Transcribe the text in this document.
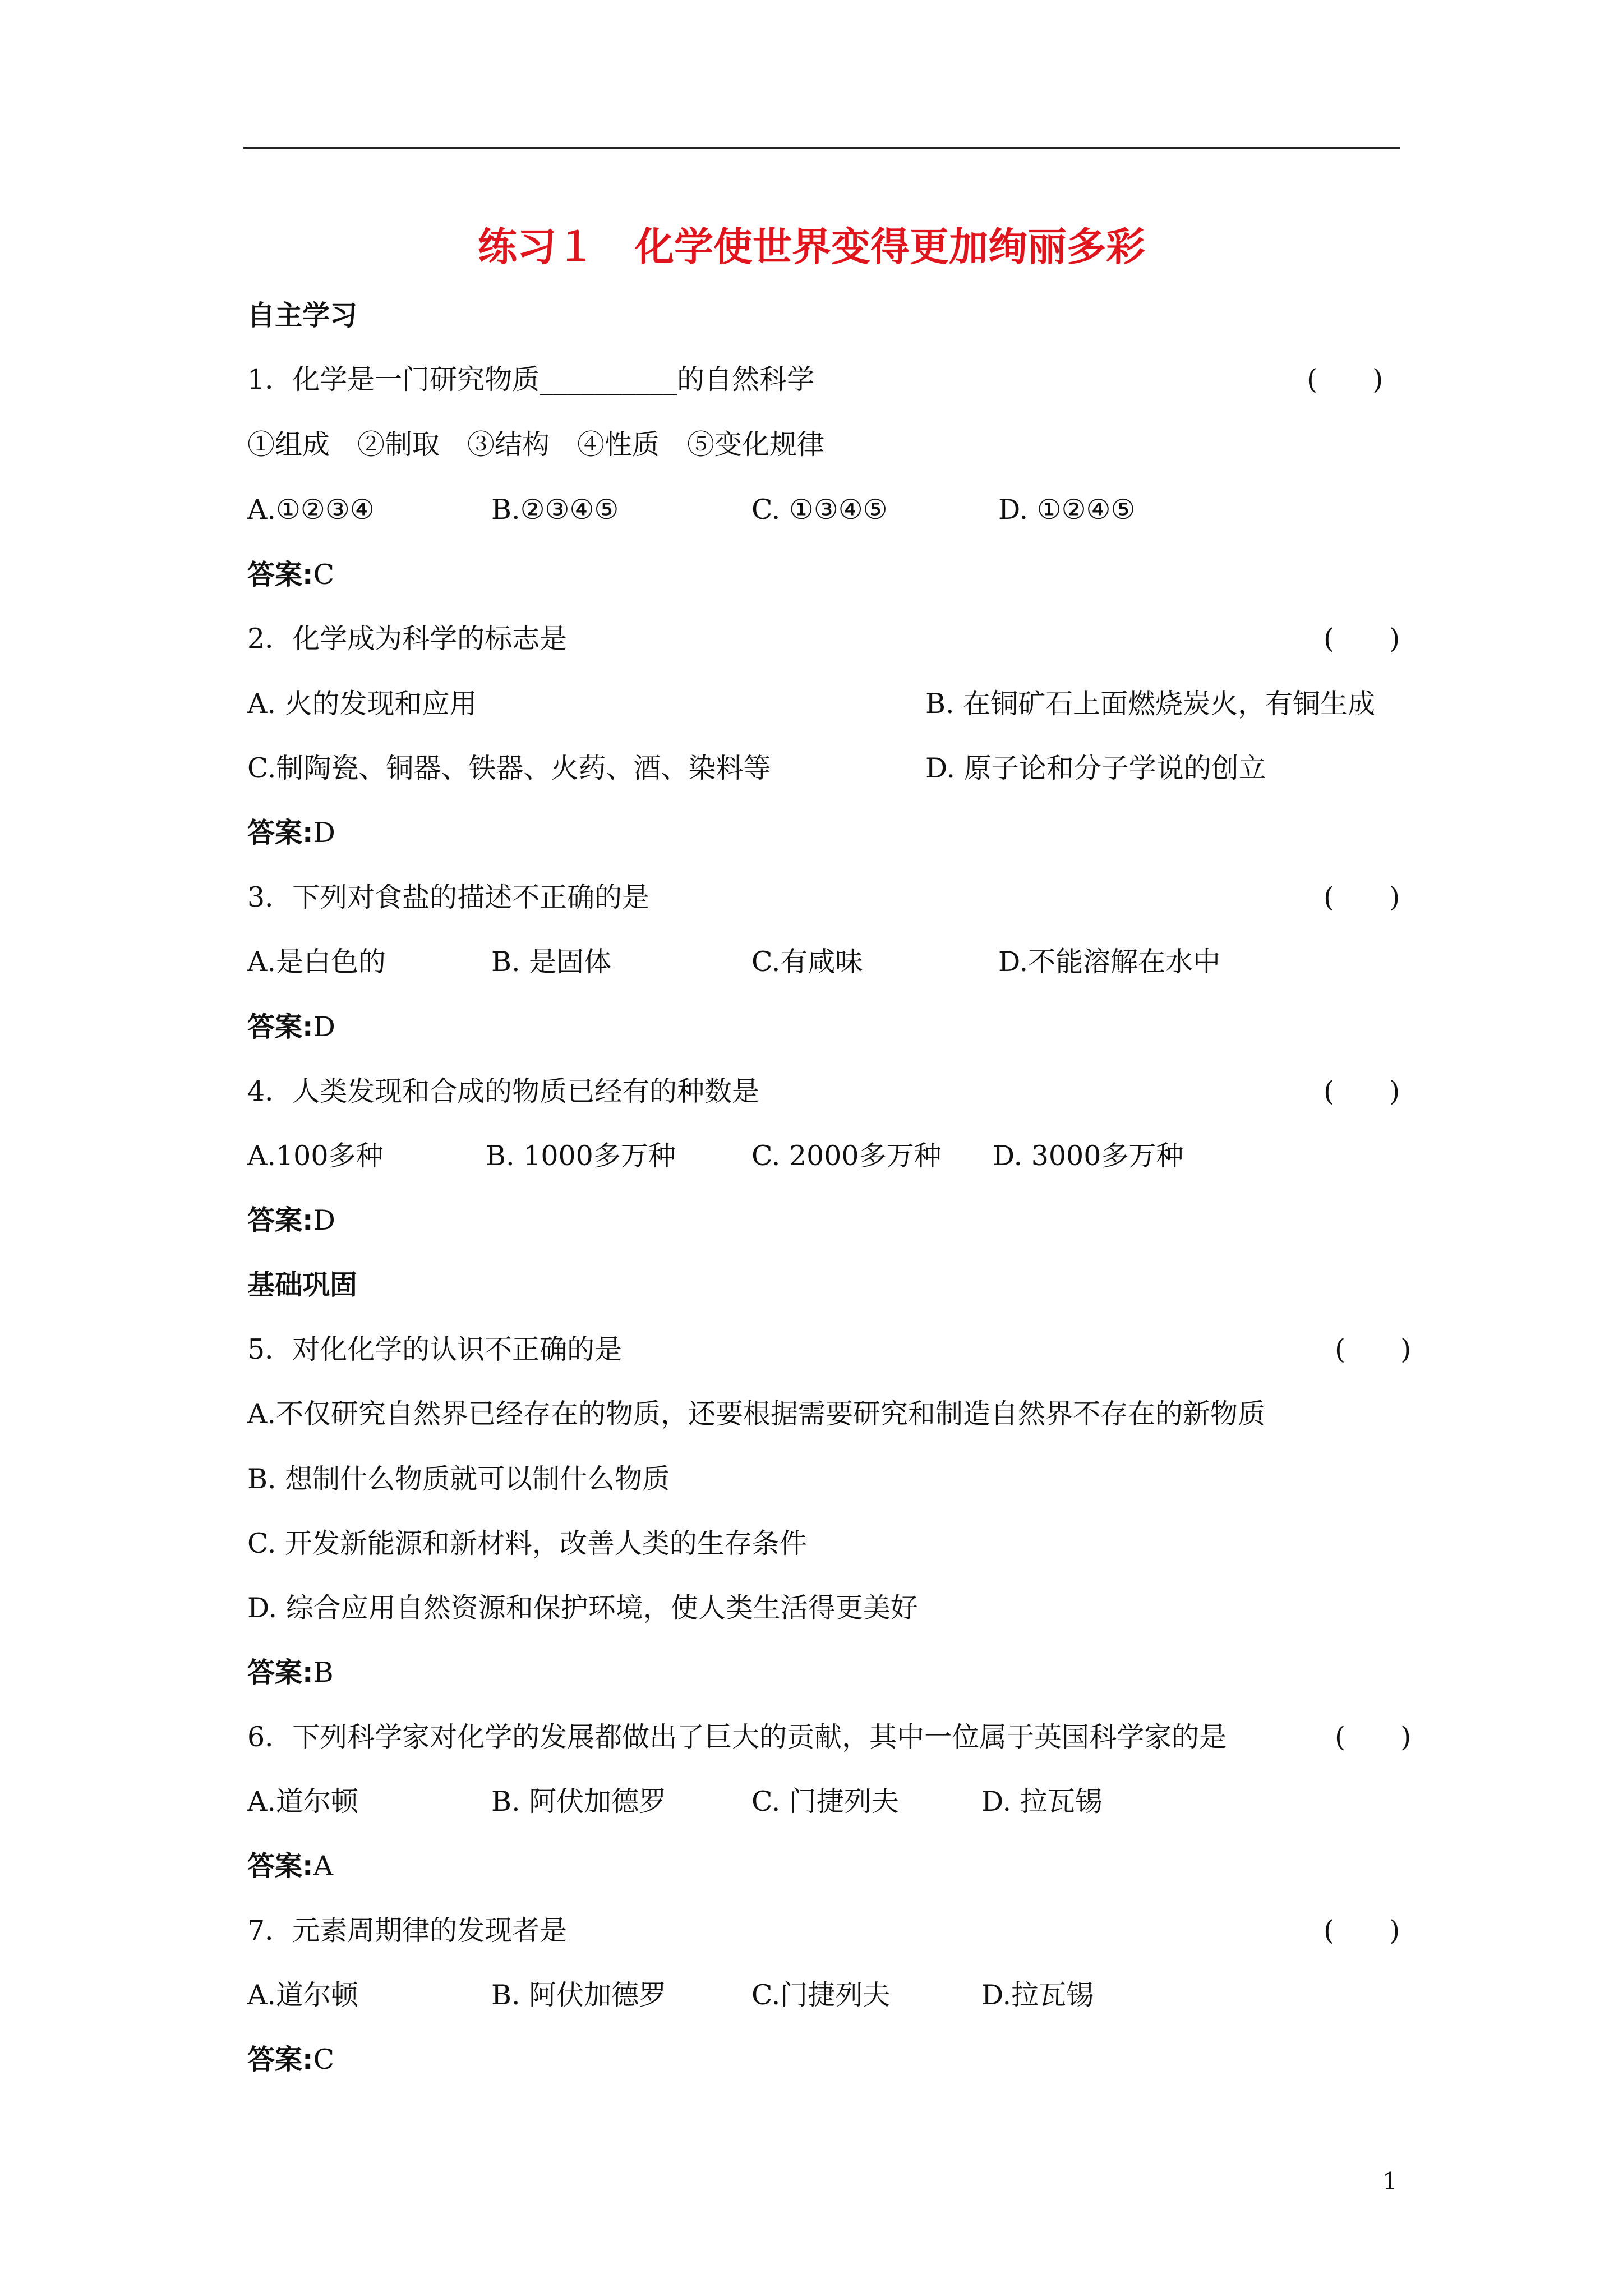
练习１　化学使世界变得更加绚丽多彩
自主学习
1．化学是一门研究物质__________的自然科学	(　　)
①组成　②制取　③结构　④性质　⑤变化规律
A.①②③④	B.②③④⑤	C. ①③④⑤	D. ①②④⑤
答案:C
2．化学成为科学的标志是	(　　)
A. 火的发现和应用	B. 在铜矿石上面燃烧炭火，有铜生成
C.制陶瓷、铜器、铁器、火药、酒、染料等	D. 原子论和分子学说的创立
答案:D
3．下列对食盐的描述不正确的是	(　　)
A.是白色的	B. 是固体	C.有咸味	D.不能溶解在水中
答案:D
4．人类发现和合成的物质已经有的种数是	(　　)
A.100多种	B. 1000多万种	C. 2000多万种 D. 3000多万种
答案:D
基础巩固
5．对化化学的认识不正确的是	(　　)
A.不仅研究自然界已经存在的物质，还要根据需要研究和制造自然界不存在的新物质
B. 想制什么物质就可以制什么物质
C. 开发新能源和新材料，改善人类的生存条件
D. 综合应用自然资源和保护环境，使人类生活得更美好
答案:B
6．下列科学家对化学的发展都做出了巨大的贡献，其中一位属于英国科学家的是	(　　)
A.道尔顿	B. 阿伏加德罗	C. 门捷列夫	D. 拉瓦锡
答案:A
7．元素周期律的发现者是	(　　)
A.道尔顿	B. 阿伏加德罗	C.门捷列夫	D.拉瓦锡
答案:C
1
